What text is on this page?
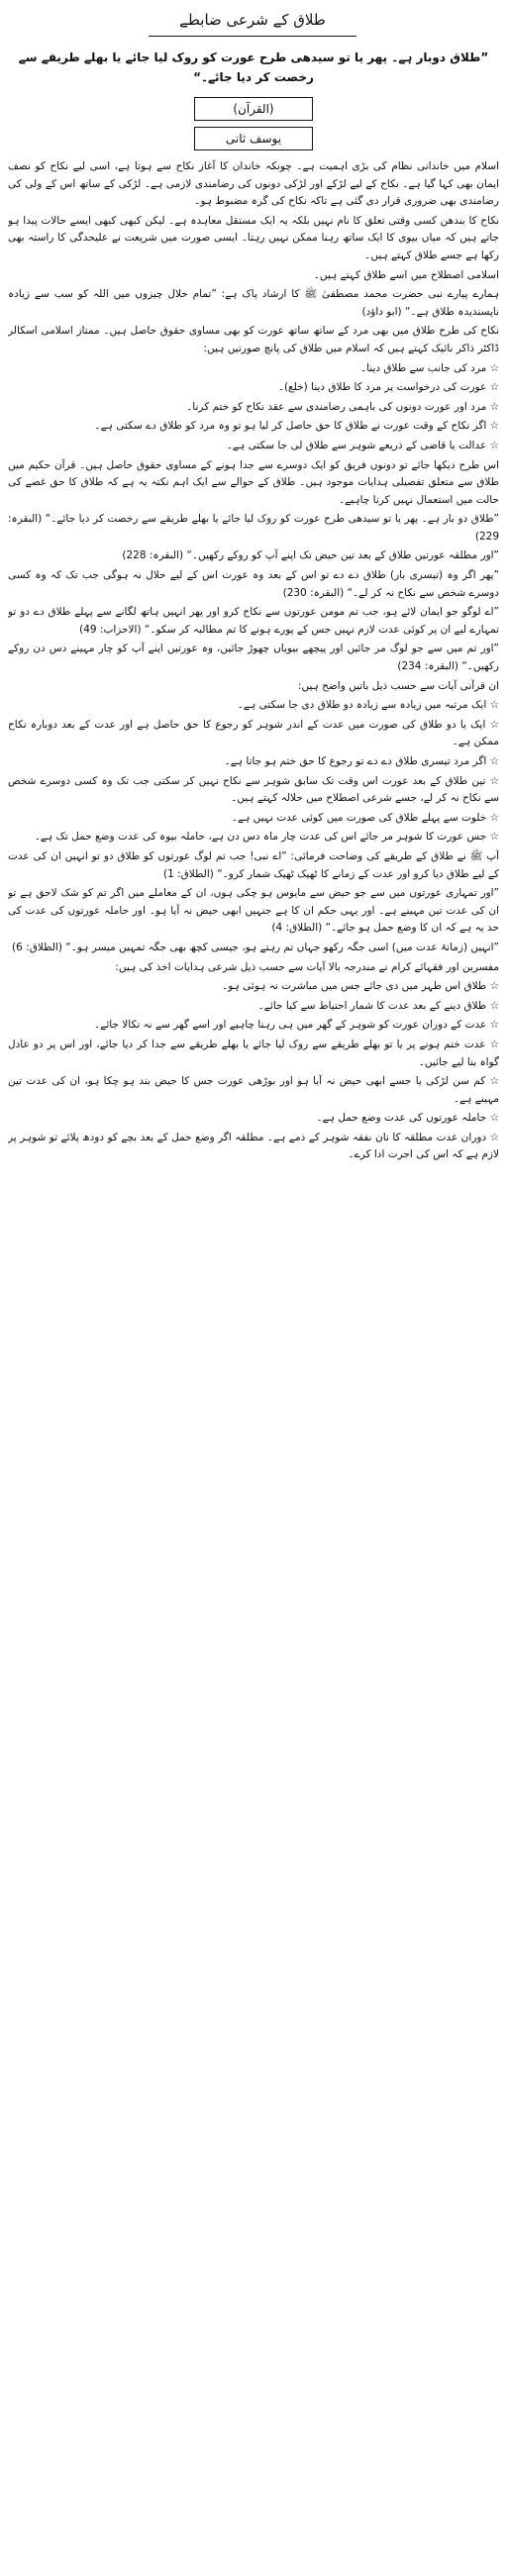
طلاق کے شرعی ضابطے
”طلاق دوبار ہے۔ پھر یا تو سیدھی طرح عورت کو روک لیا جائے یا بھلے طریقے سے رخصت کر دیا جائے۔“
(القرآن)
یوسف ثانی

اسلام میں خاندانی نظام کی بڑی اہمیت ہے۔ چونکہ خاندان کا آغاز نکاح سے ہوتا ہے، اسی لیے نکاح کو نصف ایمان بھی کہا گیا ہے۔ نکاح کے لیے لڑکے اور لڑکی دونوں کی رضامندی لازمی ہے۔ لڑکی کے ساتھ اس کے ولی کی رضامندی بھی ضروری قرار دی گئی ہے تاکہ نکاح کی گرہ مضبوط ہو۔

نکاح کا بندھن کسی وقتی تعلق کا نام نہیں بلکہ یہ ایک مستقل معاہدہ ہے۔ لیکن کبھی کبھی ایسے حالات پیدا ہو جاتے ہیں کہ میاں بیوی کا ایک ساتھ رہنا ممکن نہیں رہتا۔ ایسی صورت میں شریعت نے علیحدگی کا راستہ بھی رکھا ہے جسے طلاق کہتے ہیں۔

اسلامی اصطلاح میں اسے طلاق کہتے ہیں۔

ہمارے پیارے نبی حضرت محمد مصطفیٰ ﷺ کا ارشاد پاک ہے: ”تمام حلال چیزوں میں اللہ کو سب سے زیادہ ناپسندیدہ طلاق ہے۔“ (ابو داؤد)

نکاح کی طرح طلاق میں بھی مرد کے ساتھ ساتھ عورت کو بھی مساوی حقوق حاصل ہیں۔ ممتاز اسلامی اسکالر ڈاکٹر ذاکر نائیک کہتے ہیں کہ اسلام میں طلاق کی پانچ صورتیں ہیں:

☆ مرد کی جانب سے طلاق دینا۔

☆ عورت کی درخواست پر مرد کا طلاق دینا (خلع)۔

☆ مرد اور عورت دونوں کی باہمی رضامندی سے عقد نکاح کو ختم کرنا۔

☆ اگر نکاح کے وقت عورت نے طلاق کا حق حاصل کر لیا ہو تو وہ مرد کو طلاق دے سکتی ہے۔

☆ عدالت یا قاضی کے ذریعے شوہر سے طلاق لی جا سکتی ہے۔

اس طرح دیکھا جائے تو دونوں فریق کو ایک دوسرے سے جدا ہونے کے مساوی حقوق حاصل ہیں۔ قرآن حکیم میں طلاق سے متعلق تفصیلی ہدایات موجود ہیں۔ طلاق کے حوالے سے ایک اہم نکتہ یہ ہے کہ طلاق کا حق غصے کی حالت میں استعمال نہیں کرنا چاہیے۔

”طلاق دو بار ہے۔ پھر یا تو سیدھی طرح عورت کو روک لیا جائے یا بھلے طریقے سے رخصت کر دیا جائے۔“ (البقرہ: 229)

”اور مطلقہ عورتیں طلاق کے بعد تین حیض تک اپنے آپ کو روکے رکھیں۔“ (البقرہ: 228)

”پھر اگر وہ (تیسری بار) طلاق دے دے تو اس کے بعد وہ عورت اس کے لیے حلال نہ ہوگی جب تک کہ وہ کسی دوسرے شخص سے نکاح نہ کر لے۔“ (البقرہ: 230)

”اے لوگو جو ایمان لائے ہو، جب تم مومن عورتوں سے نکاح کرو اور پھر انہیں ہاتھ لگانے سے پہلے طلاق دے دو تو تمہارے لیے ان پر کوئی عدت لازم نہیں جس کے پورے ہونے کا تم مطالبہ کر سکو۔“ (الاحزاب: 49)

”اور تم میں سے جو لوگ مر جائیں اور پیچھے بیویاں چھوڑ جائیں، وہ عورتیں اپنے آپ کو چار مہینے دس دن روکے رکھیں۔“ (البقرہ: 234)

ان قرآنی آیات سے حسب ذیل باتیں واضح ہیں:

☆ ایک مرتبہ میں زیادہ سے زیادہ دو طلاق دی جا سکتی ہے۔

☆ ایک یا دو طلاق کی صورت میں عدت کے اندر شوہر کو رجوع کا حق حاصل ہے اور عدت کے بعد دوبارہ نکاح ممکن ہے۔

☆ اگر مرد تیسری طلاق دے دے تو رجوع کا حق ختم ہو جاتا ہے۔

☆ تین طلاق کے بعد عورت اس وقت تک سابق شوہر سے نکاح نہیں کر سکتی جب تک وہ کسی دوسرے شخص سے نکاح نہ کر لے، جسے شرعی اصطلاح میں حلالہ کہتے ہیں۔

☆ خلوت سے پہلے طلاق کی صورت میں کوئی عدت نہیں ہے۔

☆ جس عورت کا شوہر مر جائے اس کی عدت چار ماہ دس دن ہے، حاملہ بیوہ کی عدت وضع حمل تک ہے۔

آپ ﷺ نے طلاق کے طریقے کی وضاحت فرمائی: ”اے نبی! جب تم لوگ عورتوں کو طلاق دو تو انہیں ان کی عدت کے لیے طلاق دیا کرو اور عدت کے زمانے کا ٹھیک ٹھیک شمار کرو۔“ (الطلاق: 1)

”اور تمہاری عورتوں میں سے جو حیض سے مایوس ہو چکی ہوں، ان کے معاملے میں اگر تم کو شک لاحق ہے تو ان کی عدت تین مہینے ہے۔ اور یہی حکم ان کا ہے جنہیں ابھی حیض نہ آیا ہو۔ اور حاملہ عورتوں کی عدت کی حد یہ ہے کہ ان کا وضع حمل ہو جائے۔“ (الطلاق: 4)

”انہیں (زمانۂ عدت میں) اسی جگہ رکھو جہاں تم رہتے ہو، جیسی کچھ بھی جگہ تمہیں میسر ہو۔“ (الطلاق: 6)

مفسرین اور فقہائے کرام نے مندرجہ بالا آیات سے حسب ذیل شرعی ہدایات اخذ کی ہیں:

☆ طلاق اس طہر میں دی جائے جس میں مباشرت نہ ہوئی ہو۔

☆ طلاق دینے کے بعد عدت کا شمار احتیاط سے کیا جائے۔

☆ عدت کے دوران عورت کو شوہر کے گھر میں ہی رہنا چاہیے اور اسے گھر سے نہ نکالا جائے۔

☆ عدت ختم ہونے پر یا تو بھلے طریقے سے روک لیا جائے یا بھلے طریقے سے جدا کر دیا جائے، اور اس پر دو عادل گواہ بنا لیے جائیں۔

☆ کم سن لڑکی یا جسے ابھی حیض نہ آیا ہو اور بوڑھی عورت جس کا حیض بند ہو چکا ہو، ان کی عدت تین مہینے ہے۔

☆ حاملہ عورتوں کی عدت وضع حمل ہے۔

☆ دوران عدت مطلقہ کا نان نفقہ شوہر کے ذمے ہے۔ مطلقہ اگر وضع حمل کے بعد بچے کو دودھ پلائے تو شوہر پر لازم ہے کہ اس کی اجرت ادا کرے۔
